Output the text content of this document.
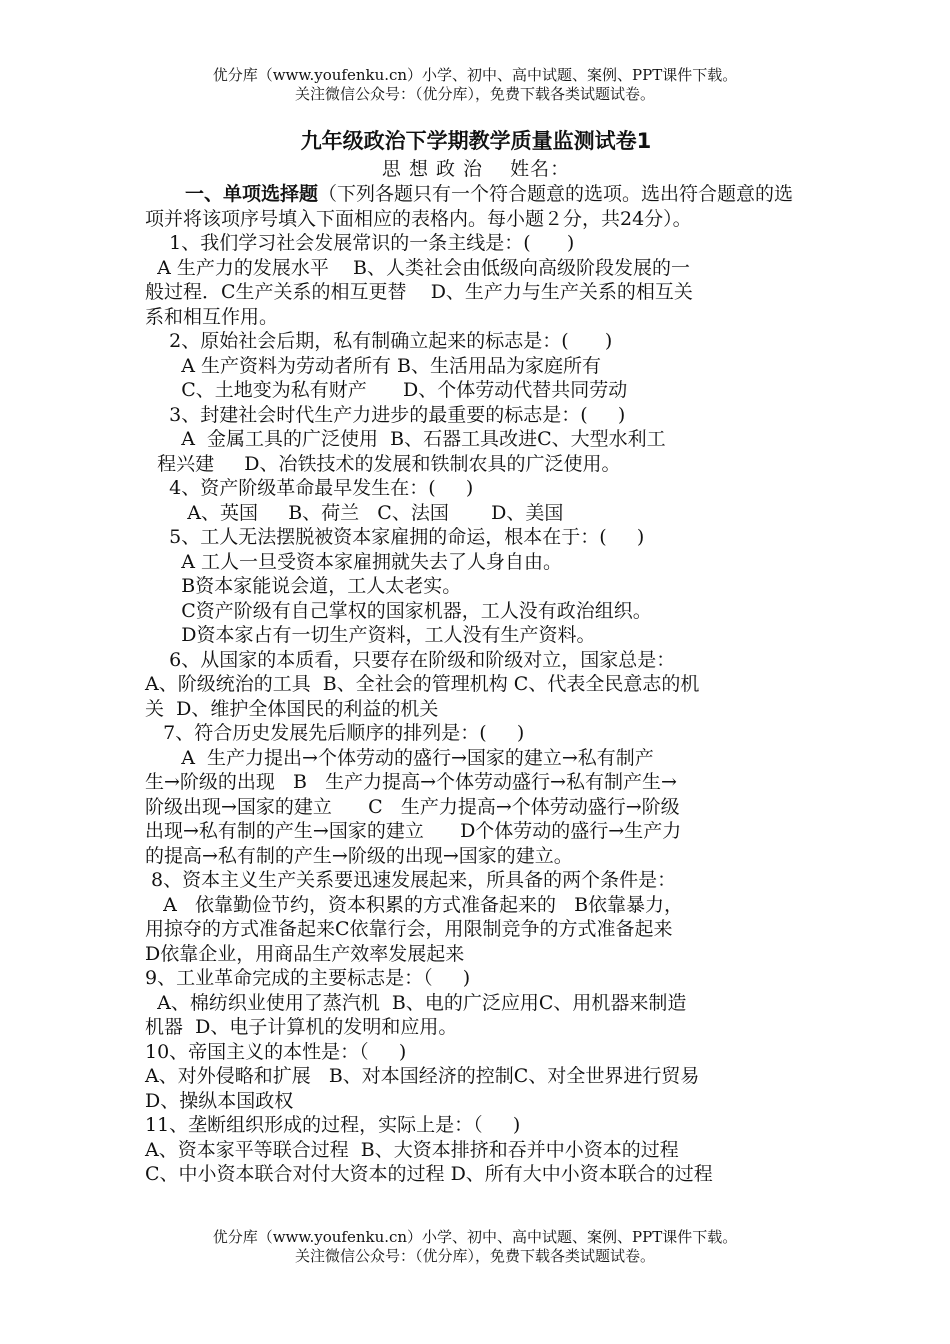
优分库（www.youfenku.cn）小学、初中、高中试题、案例、PPT课件下载。
关注微信公众号：（优分库），免费下载各类试题试卷。
九年级政治下学期教学质量监测试卷1
思 想 政 治 姓名：

一、单项选择题（下列各题只有一个符合题意的选项。选出符合题意的选项并将该项序号填入下面相应的表格内。每小题２分，共24分）。

1、我们学习社会发展常识的一条主线是：(      )

A 生产力的发展水平    B、人类社会由低级向高级阶段发展的一

般过程．C生产关系的相互更替    D、生产力与生产关系的相互关

系和相互作用。

2、原始社会后期，私有制确立起来的标志是：(      )

A 生产资料为劳动者所有 B、生活用品为家庭所有

C、土地变为私有财产      D、个体劳动代替共同劳动

3、封建社会时代生产力进步的最重要的标志是：(     )

A  金属工具的广泛使用  B、石器工具改进C、大型水利工

程兴建     D、冶铁技术的发展和铁制农具的广泛使用。

4、资产阶级革命最早发生在：(     )

A、英国     B、荷兰   C、法国       D、美国

5、工人无法摆脱被资本家雇拥的命运，根本在于：(     )

A 工人一旦受资本家雇拥就失去了人身自由。

B资本家能说会道，工人太老实。

C资产阶级有自己掌权的国家机器，工人没有政治组织。

D资本家占有一切生产资料，工人没有生产资料。

6、从国家的本质看，只要存在阶级和阶级对立，国家总是：

A、阶级统治的工具  B、全社会的管理机构 C、代表全民意志的机

关  D、维护全体国民的利益的机关

7、符合历史发展先后顺序的排列是：(     )

A  生产力提出→个体劳动的盛行→国家的建立→私有制产

生→阶级的出现   B   生产力提高→个体劳动盛行→私有制产生→

阶级出现→国家的建立      C   生产力提高→个体劳动盛行→阶级

出现→私有制的产生→国家的建立      D个体劳动的盛行→生产力

的提高→私有制的产生→阶级的出现→国家的建立。

8、资本主义生产关系要迅速发展起来，所具备的两个条件是：

A   依靠勤俭节约，资本积累的方式准备起来的   B依靠暴力，

用掠夺的方式准备起来C依靠行会，用限制竞争的方式准备起来

D依靠企业，用商品生产效率发展起来

9、工业革命完成的主要标志是：（     )

A、棉纺织业使用了蒸汽机  B、电的广泛应用C、用机器来制造

机器  D、电子计算机的发明和应用。

10、帝国主义的本性是：（     )

A、对外侵略和扩展   B、对本国经济的控制C、对全世界进行贸易

D、操纵本国政权

11、垄断组织形成的过程，实际上是：（     )

A、资本家平等联合过程  B、大资本排挤和吞并中小资本的过程

C、中小资本联合对付大资本的过程 D、所有大中小资本联合的过程

优分库（www.youfenku.cn）小学、初中、高中试题、案例、PPT课件下载。
关注微信公众号：（优分库），免费下载各类试题试卷。
